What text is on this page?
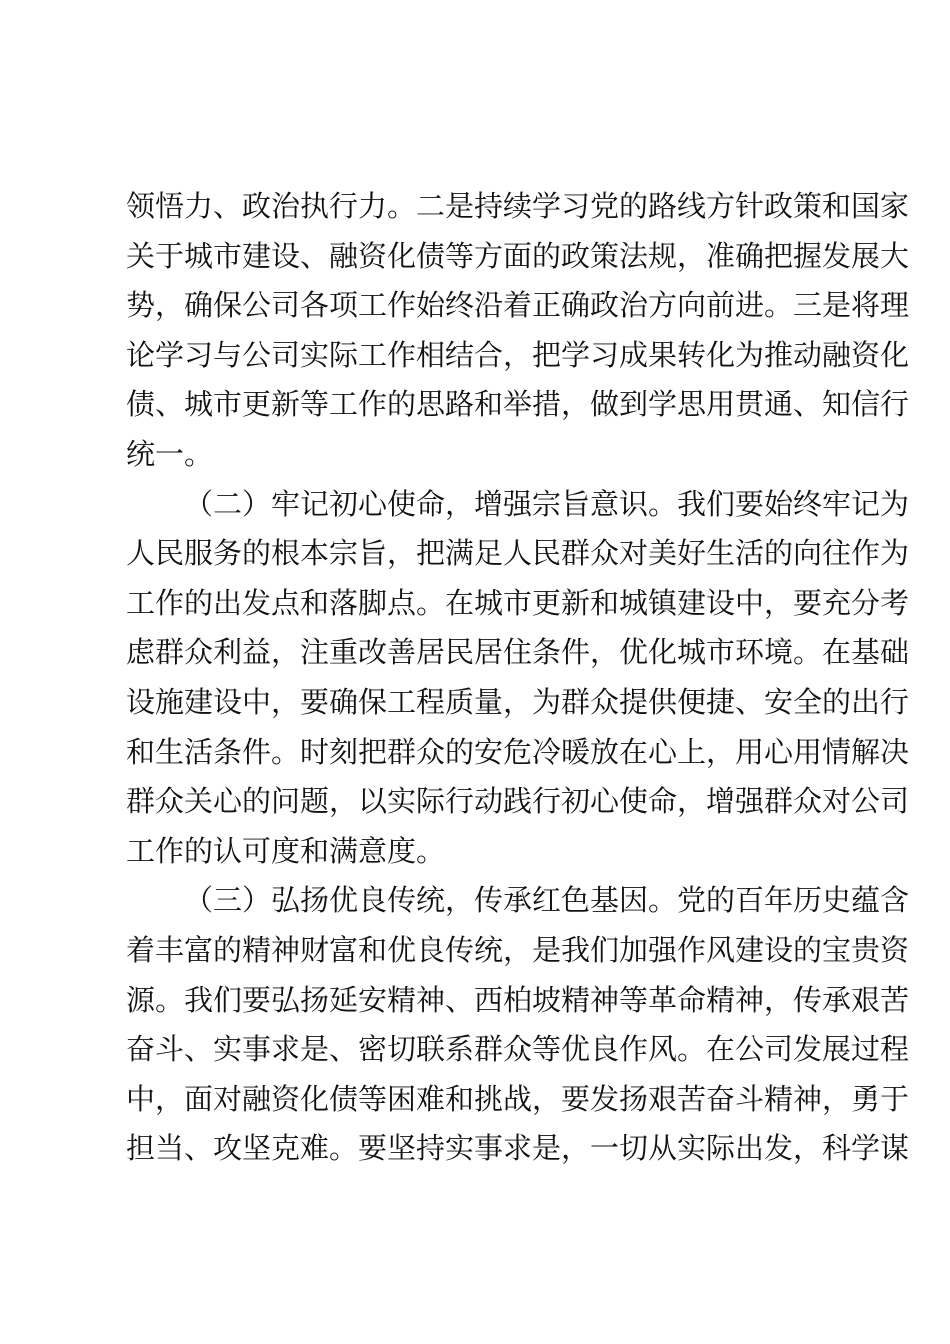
领悟力、政治执行力。二是持续学习党的路线方针政策和国家
关于城市建设、融资化债等方面的政策法规，准确把握发展大
势，确保公司各项工作始终沿着正确政治方向前进。三是将理
论学习与公司实际工作相结合，把学习成果转化为推动融资化
债、城市更新等工作的思路和举措，做到学思用贯通、知信行
统一。
（二）牢记初心使命，增强宗旨意识。我们要始终牢记为
人民服务的根本宗旨，把满足人民群众对美好生活的向往作为
工作的出发点和落脚点。在城市更新和城镇建设中，要充分考
虑群众利益，注重改善居民居住条件，优化城市环境。在基础
设施建设中，要确保工程质量，为群众提供便捷、安全的出行
和生活条件。时刻把群众的安危冷暖放在心上，用心用情解决
群众关心的问题，以实际行动践行初心使命，增强群众对公司
工作的认可度和满意度。
（三）弘扬优良传统，传承红色基因。党的百年历史蕴含
着丰富的精神财富和优良传统，是我们加强作风建设的宝贵资
源。我们要弘扬延安精神、西柏坡精神等革命精神，传承艰苦
奋斗、实事求是、密切联系群众等优良作风。在公司发展过程
中，面对融资化债等困难和挑战，要发扬艰苦奋斗精神，勇于
担当、攻坚克难。要坚持实事求是，一切从实际出发，科学谋
